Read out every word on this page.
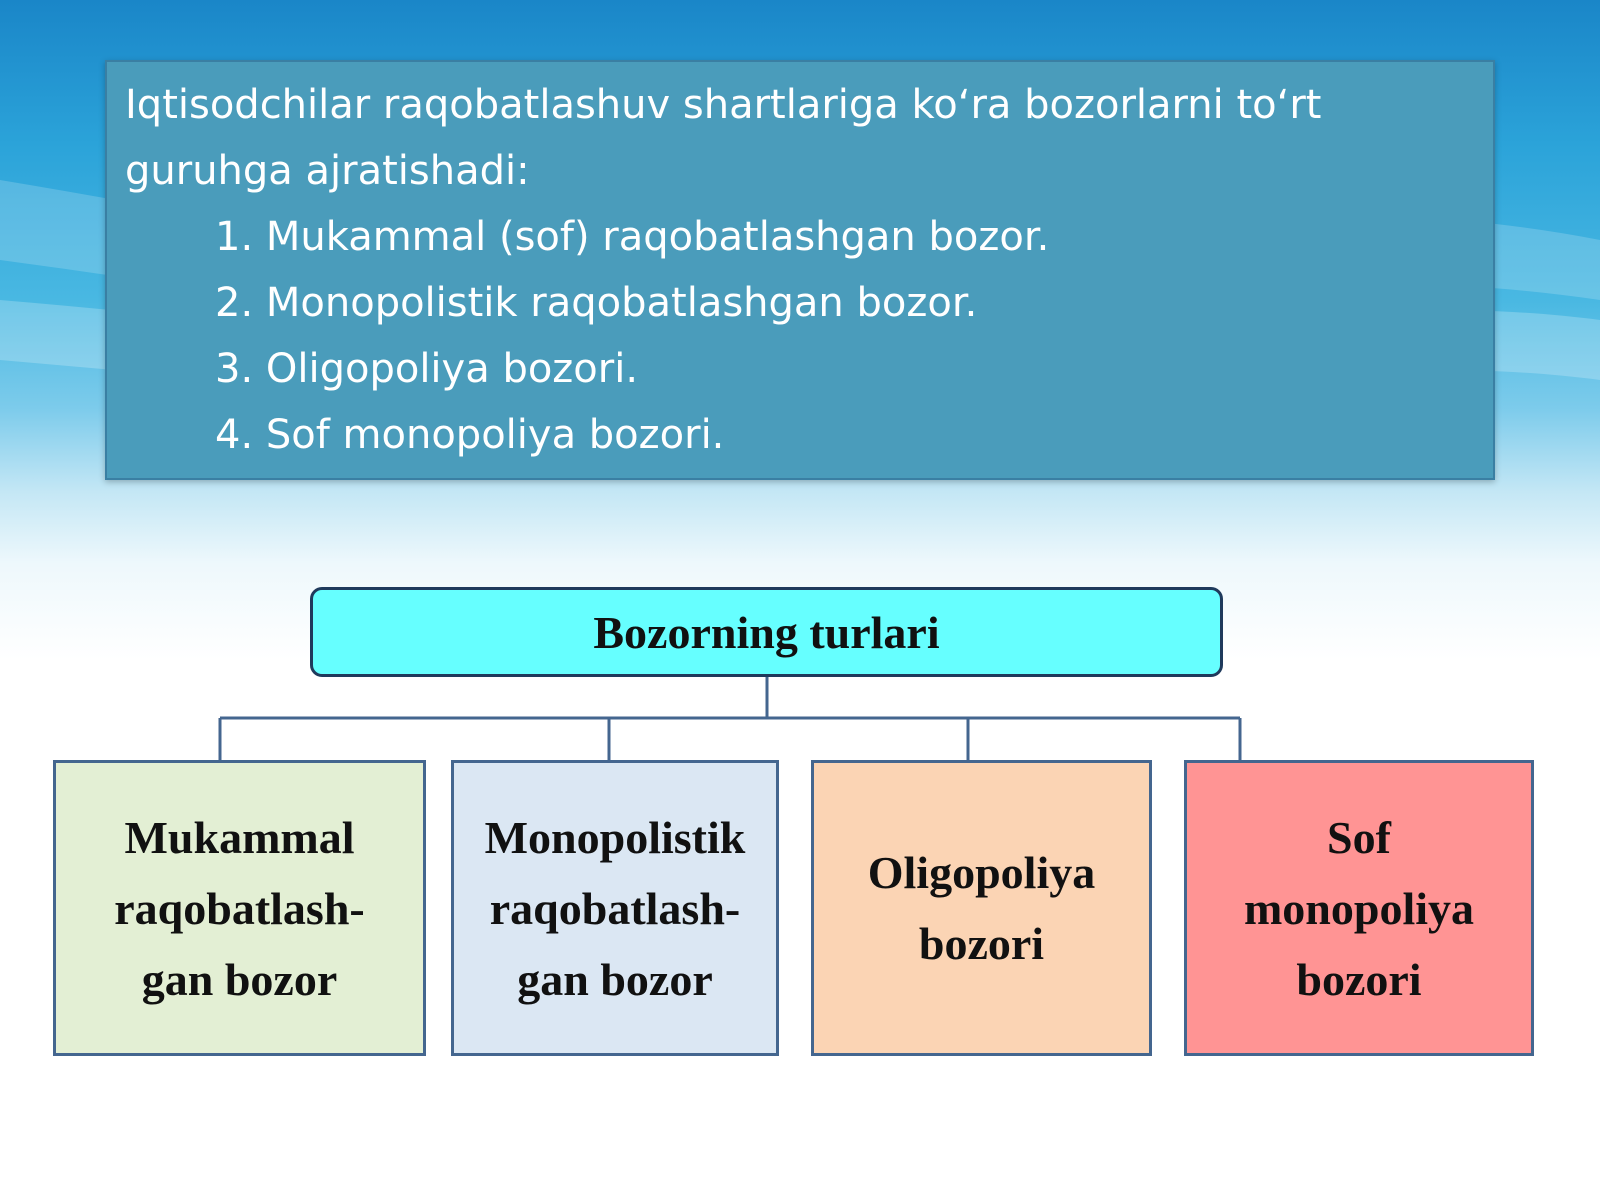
Iqtisodchilar raqobatlashuv shartlariga ko‘ra bozorlarni to‘rt guruhga ajratishadi:

1. Mukammal (sof) raqobatlashgan bozor.
2. Monopolistik raqobatlashgan bozor.
3. Oligopoliya bozori.
4. Sof monopoliya bozori.
Bozorning turlari
Mukammal
raqobatlash-
gan bozor
Monopolistik
raqobatlash-
gan bozor
Oligopoliya
bozori
Sof
monopoliya
bozori
